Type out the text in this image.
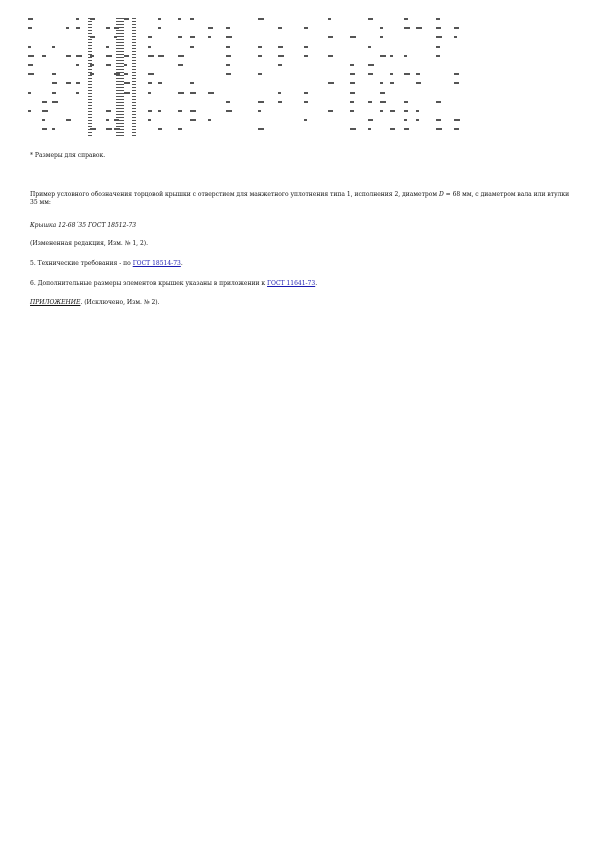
* Размеры для справок.
Пример условного обозначения торцовой крышки с отверстием для манжетного уплотнения типа 1, исполнения 2, диаметром D = 68 мм, с диаметром вала или втулки 35 мм:
Крышка 12-68´35 ГОСТ 18512-73
(Измененная редакция, Изм. № 1, 2).
5. Технические требования - по ГОСТ 18514-73.
6. Дополнительные размеры элементов крышек указаны в приложении к ГОСТ 11641-73.
ПРИЛОЖЕНИЕ. (Исключено, Изм. № 2).
